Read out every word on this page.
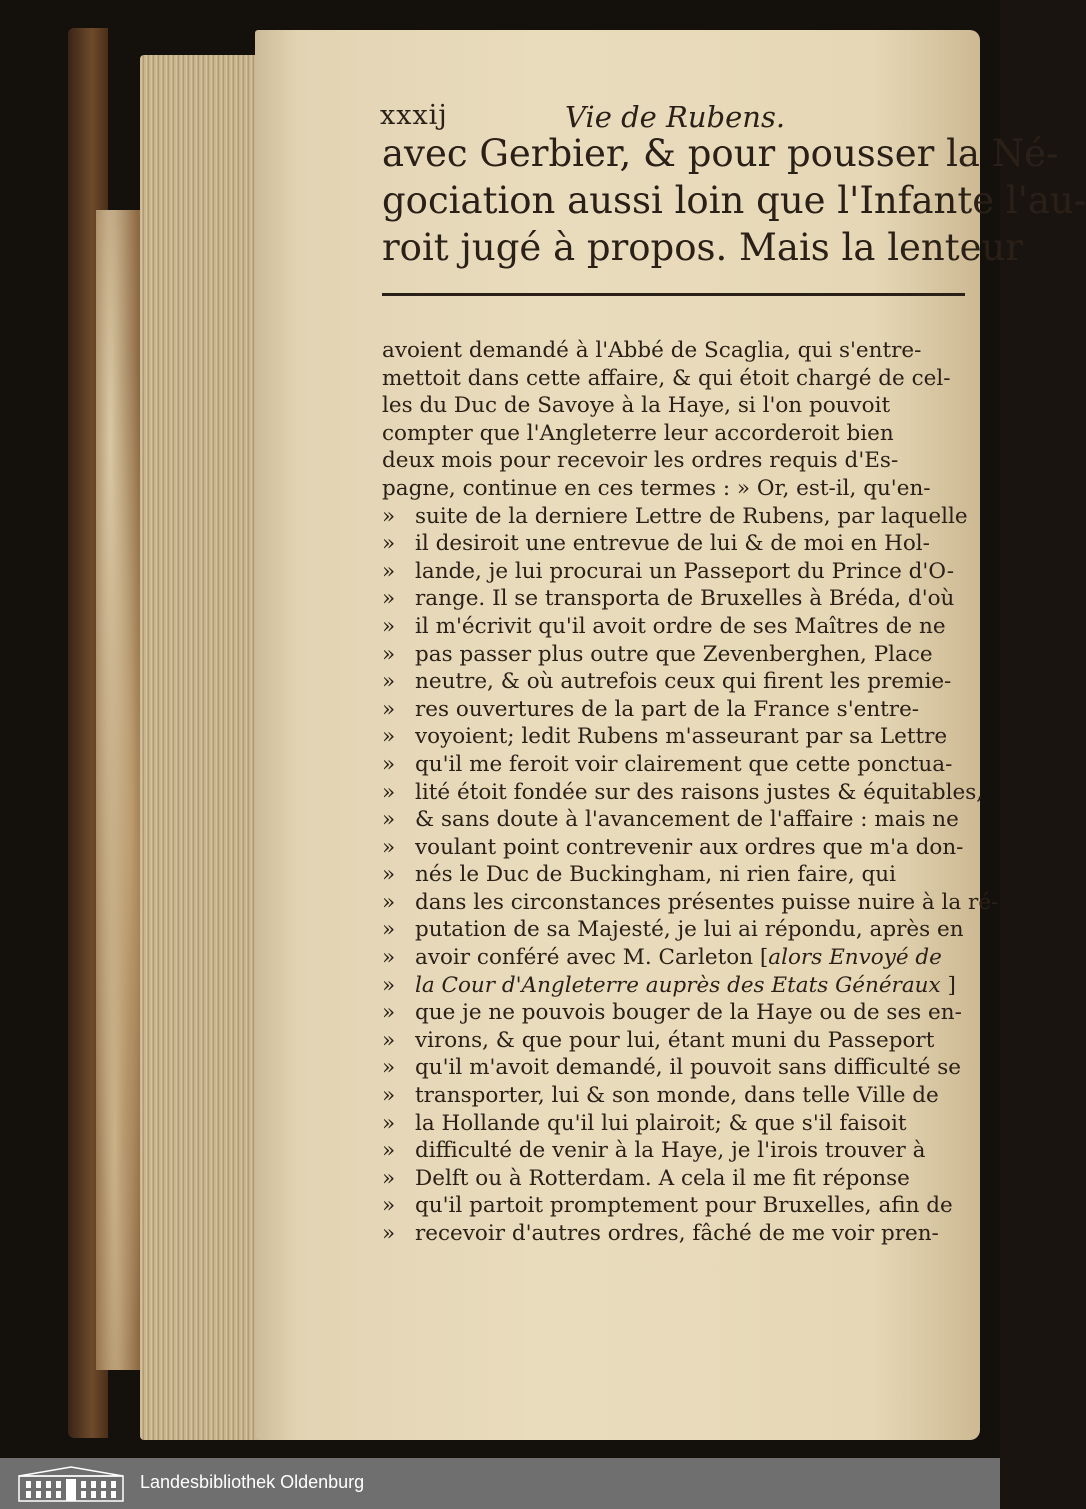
xxxij	Vie de Rubens.
avec Gerbier, & pour pousser la Né-
gociation aussi loin que l'Infante l'au-
roit jugé à propos. Mais la lenteur
avoient demandé à l'Abbé de Scaglia, qui s'entre-
mettoit dans cette affaire, & qui étoit chargé de cel-
les du Duc de Savoye à la Haye, si l'on pouvoit
compter que l'Angleterre leur accorderoit bien
deux mois pour recevoir les ordres requis d'Es-
pagne, continue en ces termes : » Or, est-il, qu'en-
» suite de la derniere Lettre de Rubens, par laquelle
» il desiroit une entrevue de lui & de moi en Hol-
» lande, je lui procurai un Passeport du Prince d'O-
» range. Il se transporta de Bruxelles à Bréda, d'où
» il m'écrivit qu'il avoit ordre de ses Maîtres de ne
» pas passer plus outre que Zevenberghen, Place
» neutre, & où autrefois ceux qui firent les premie-
» res ouvertures de la part de la France s'entre-
» voyoient; ledit Rubens m'asseurant par sa Lettre
» qu'il me feroit voir clairement que cette ponctua-
» lité étoit fondée sur des raisons justes & équitables,
» & sans doute à l'avancement de l'affaire : mais ne
» voulant point contrevenir aux ordres que m'a don-
» nés le Duc de Buckingham, ni rien faire, qui
» dans les circonstances présentes puisse nuire à la ré-
» putation de sa Majesté, je lui ai répondu, après en
» avoir conféré avec M. Carleton [alors Envoyé de
» la Cour d'Angleterre auprès des Etats Généraux ]
» que je ne pouvois bouger de la Haye ou de ses en-
» virons, & que pour lui, étant muni du Passeport
» qu'il m'avoit demandé, il pouvoit sans difficulté se
» transporter, lui & son monde, dans telle Ville de
» la Hollande qu'il lui plairoit; & que s'il faisoit
» difficulté de venir à la Haye, je l'irois trouver à
» Delft ou à Rotterdam. A cela il me fit réponse
» qu'il partoit promptement pour Bruxelles, afin de
» recevoir d'autres ordres, fâché de me voir pren-
Landesbibliothek Oldenburg
